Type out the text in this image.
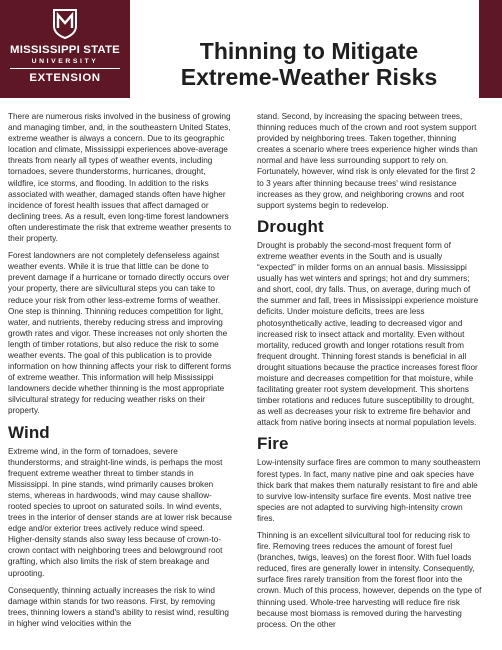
MISSISSIPPI STATE
UNIVERSITY
EXTENSION
Thinning to Mitigate
Extreme-Weather Risks

There are numerous risks involved in the business of growing and managing timber, and, in the southeastern United States, extreme weather is always a concern. Due to its geographic location and climate, Mississippi experiences above-average threats from nearly all types of weather events, including tornadoes, severe thunderstorms, hurricanes, drought, wildfire, ice storms, and flooding. In addition to the risks associated with weather, damaged stands often have higher incidence of forest health issues that affect damaged or declining trees. As a result, even long-time forest landowners often underestimate the risk that extreme weather presents to their property.

Forest landowners are not completely defenseless against weather events. While it is true that little can be done to prevent damage if a hurricane or tornado directly occurs over your property, there are silvicultural steps you can take to reduce your risk from other less-extreme forms of weather. One step is thinning. Thinning reduces competition for light, water, and nutrients, thereby reducing stress and improving growth rates and vigor. These increases not only shorten the length of timber rotations, but also reduce the risk to some weather events. The goal of this publication is to provide information on how thinning affects your risk to different forms of extreme weather. This information will help Mississippi landowners decide whether thinning is the most appropriate silvicultural strategy for reducing weather risks on their property.

Wind

Extreme wind, in the form of tornadoes, severe thunderstorms, and straight-line winds, is perhaps the most frequent extreme weather threat to timber stands in Mississippi. In pine stands, wind primarily causes broken stems, whereas in hardwoods, wind may cause shallow-rooted species to uproot on saturated soils. In wind events, trees in the interior of denser stands are at lower risk because edge and/or exterior trees actively reduce wind speed. Higher-density stands also sway less because of crown-to-crown contact with neighboring trees and belowground root grafting, which also limits the risk of stem breakage and uprooting.

Consequently, thinning actually increases the risk to wind damage within stands for two reasons. First, by removing trees, thinning lowers a stand's ability to resist wind, resulting in higher wind velocities within the

stand. Second, by increasing the spacing between trees, thinning reduces much of the crown and root system support provided by neighboring trees. Taken together, thinning creates a scenario where trees experience higher winds than normal and have less surrounding support to rely on. Fortunately, however, wind risk is only elevated for the first 2 to 3 years after thinning because trees' wind resistance increases as they grow, and neighboring crowns and root support systems begin to redevelop.

Drought

Drought is probably the second-most frequent form of extreme weather events in the South and is usually “expected” in milder forms on an annual basis. Mississippi usually has wet winters and springs; hot and dry summers; and short, cool, dry falls. Thus, on average, during much of the summer and fall, trees in Mississippi experience moisture deficits. Under moisture deficits, trees are less photosynthetically active, leading to decreased vigor and increased risk to insect attack and mortality. Even without mortality, reduced growth and longer rotations result from frequent drought. Thinning forest stands is beneficial in all drought situations because the practice increases forest floor moisture and decreases competition for that moisture, while facilitating greater root system development. This shortens timber rotations and reduces future susceptibility to drought, as well as decreases your risk to extreme fire behavior and attack from native boring insects at normal population levels.

Fire

Low-intensity surface fires are common to many southeastern forest types. In fact, many native pine and oak species have thick bark that makes them naturally resistant to fire and able to survive low-intensity surface fire events. Most native tree species are not adapted to surviving high-intensity crown fires.

Thinning is an excellent silvicultural tool for reducing risk to fire. Removing trees reduces the amount of forest fuel (branches, twigs, leaves) on the forest floor. With fuel loads reduced, fires are generally lower in intensity. Consequently, surface fires rarely transition from the forest floor into the crown. Much of this process, however, depends on the type of thinning used. Whole-tree harvesting will reduce fire risk because most biomass is removed during the harvesting process. On the other
